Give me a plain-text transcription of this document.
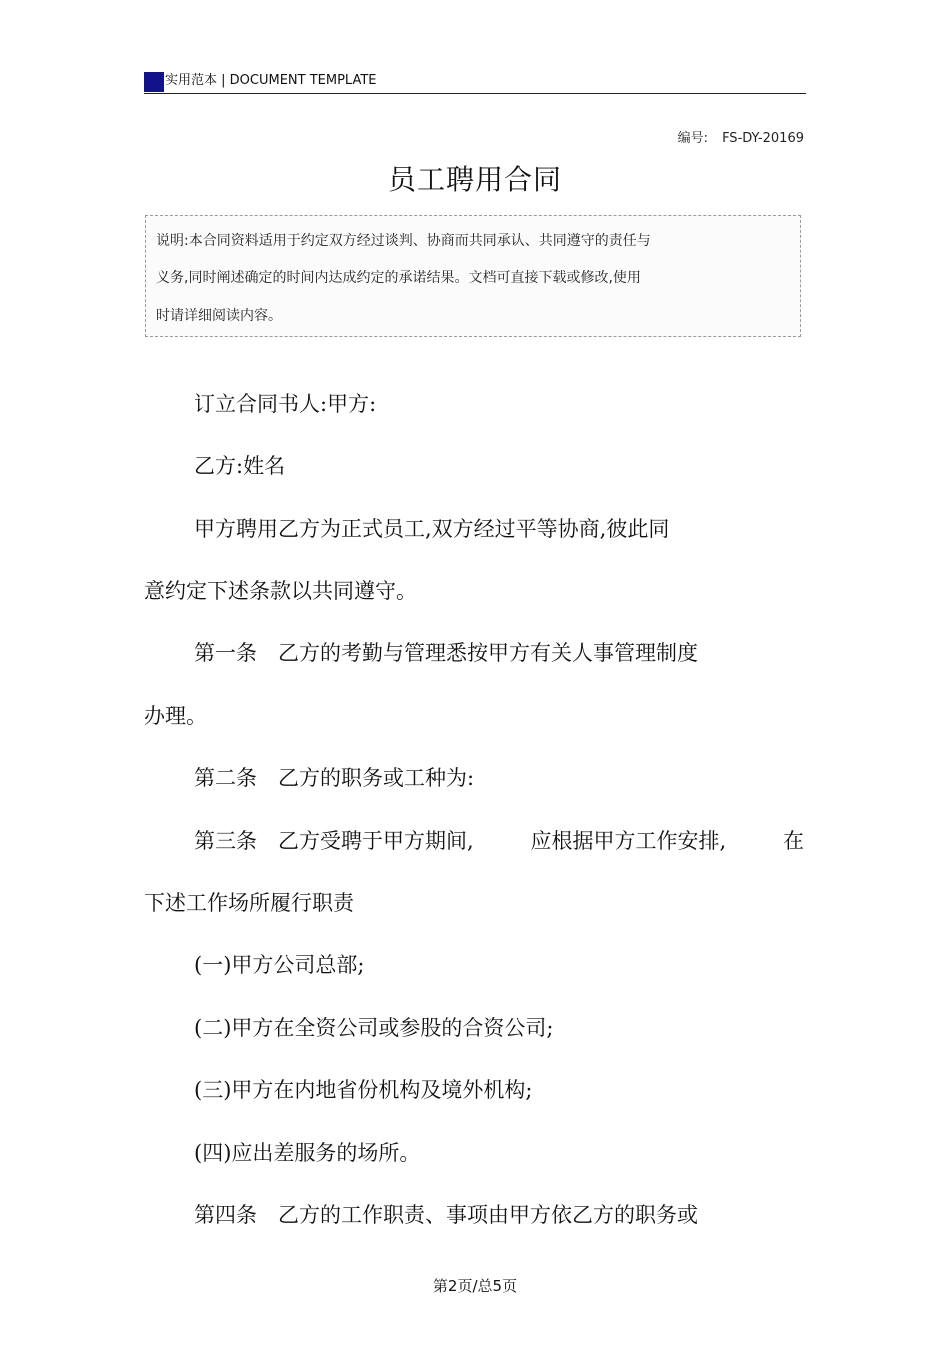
实用范本 | DOCUMENT TEMPLATE
编号: FS-DY-20169
员工聘用合同
说明:本合同资料适用于约定双方经过谈判、协商而共同承认、共同遵守的责任与
义务,同时阐述确定的时间内达成约定的承诺结果。文档可直接下载或修改,使用
时请详细阅读内容。
订立合同书人:甲方:
乙方:姓名
甲方聘用乙方为正式员工,双方经过平等协商,彼此同
意约定下述条款以共同遵守。
第一条　乙方的考勤与管理悉按甲方有关人事管理制度
办理。
第二条　乙方的职务或工种为:
第三条　乙方受聘于甲方期间,	应根据甲方工作安排,	在
下述工作场所履行职责
(一)甲方公司总部;
(二)甲方在全资公司或参股的合资公司;
(三)甲方在内地省份机构及境外机构;
(四)应出差服务的场所。
第四条　乙方的工作职责、事项由甲方依乙方的职务或
第2页/总5页
